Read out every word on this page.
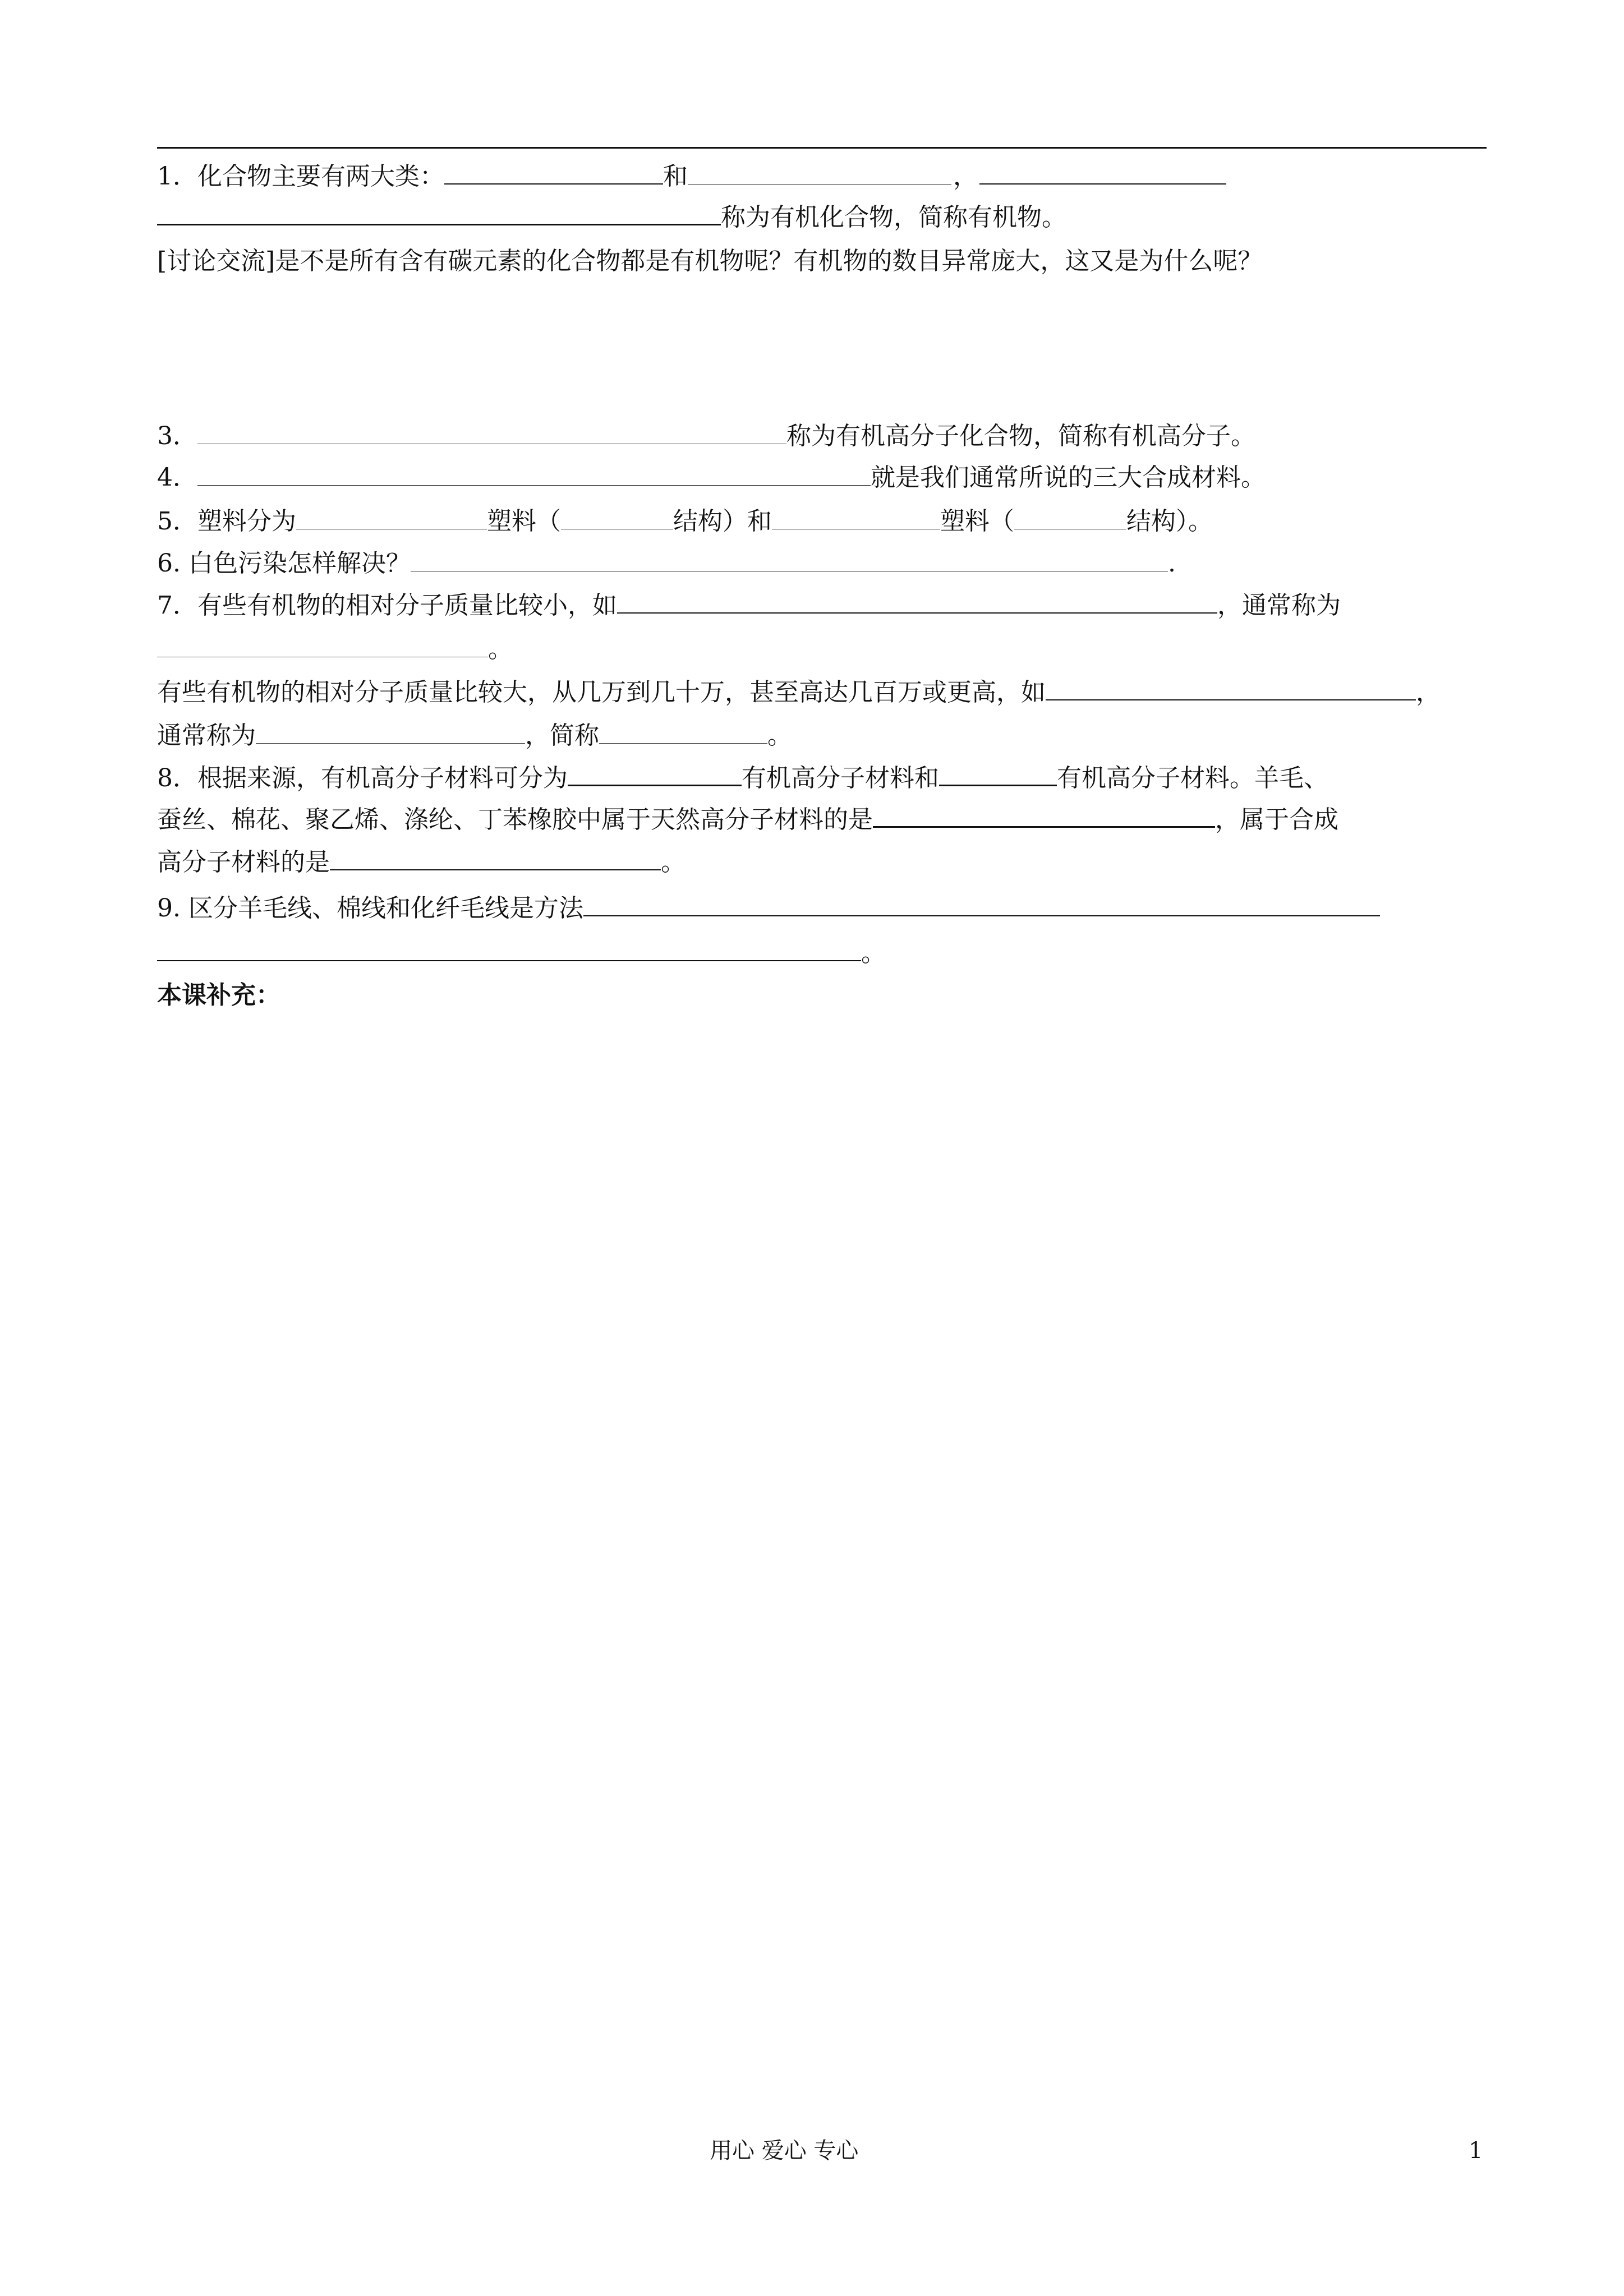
1．化合物主要有两大类：	和	，
称为有机化合物，简称有机物。
[讨论交流]是不是所有含有碳元素的化合物都是有机物呢？有机物的数目异常庞大，这又是为什么呢？
3．	称为有机高分子化合物，简称有机高分子。
4．	就是我们通常所说的三大合成材料。
5．塑料分为	塑料（	结构）和	塑料（	结构）。
6. 白色污染怎样解决？	.
7．有些有机物的相对分子质量比较小，如	，通常称为
。
有些有机物的相对分子质量比较大，从几万到几十万，甚至高达几百万或更高，如	，
通常称为	，简称	。
8．根据来源，有机高分子材料可分为	有机高分子材料和	有机高分子材料。羊毛、
蚕丝、棉花、聚乙烯、涤纶、丁苯橡胶中属于天然高分子材料的是	，属于合成
高分子材料的是	。
9. 区分羊毛线、棉线和化纤毛线是方法
。
本课补充：
用心 爱心 专心	1
